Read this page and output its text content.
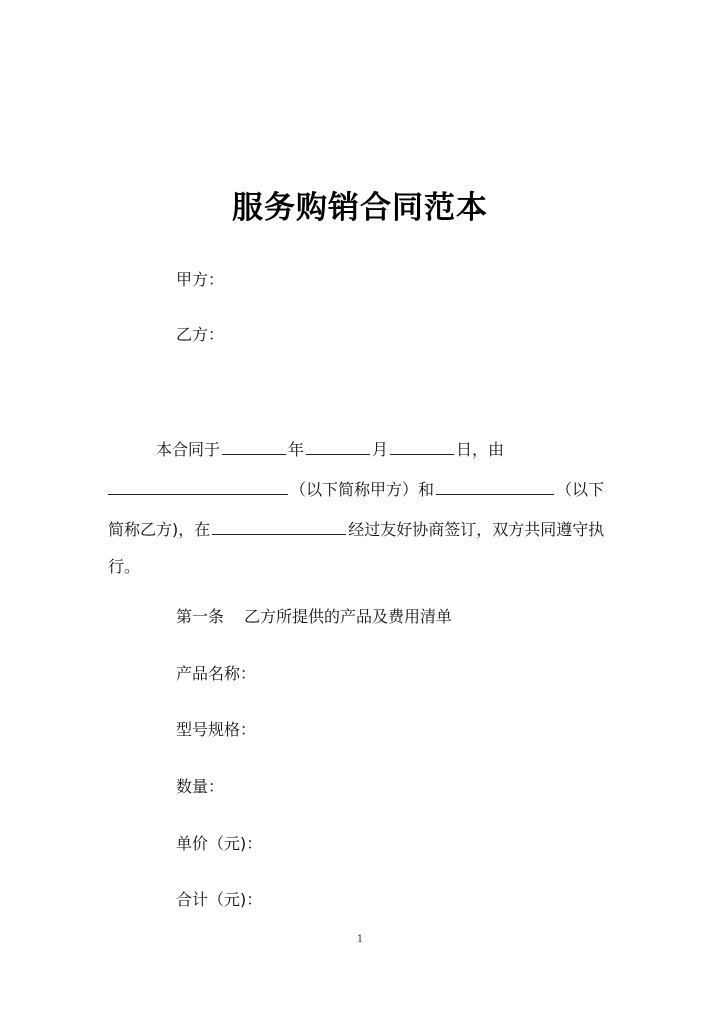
服务购销合同范本
甲方：
乙方：
本合同于	年	月	日，由
（以下简称甲方）和	（以下
简称乙方)，在	经过友好协商签订，双方共同遵守执
行。
第一条 乙方所提供的产品及费用清单
产品名称：
型号规格：
数量：
单价（元)：
合计（元)：
1
